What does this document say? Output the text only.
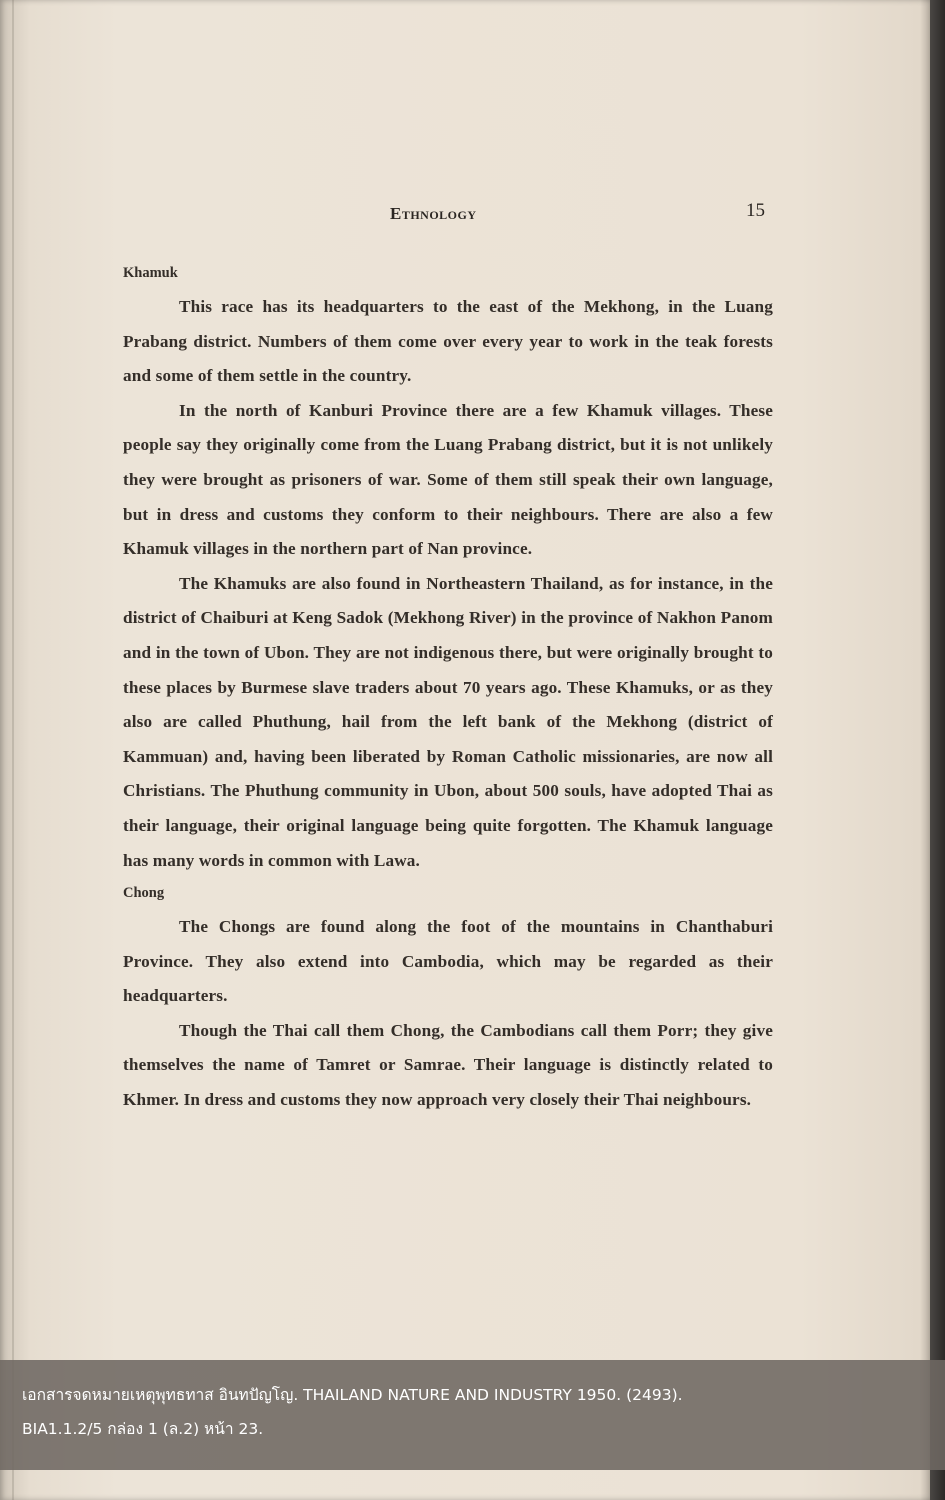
Ethnology	15
Khamuk

This race has its headquarters to the east of the Mekhong, in the Luang Prabang district. Numbers of them come over every year to work in the teak forests and some of them settle in the country.

In the north of Kanburi Province there are a few Khamuk villages. These people say they originally come from the Luang Prabang district, but it is not unlikely they were brought as prisoners of war. Some of them still speak their own language, but in dress and customs they conform to their neighbours. There are also a few Khamuk villages in the northern part of Nan province.

The Khamuks are also found in Northeastern Thailand, as for instance, in the district of Chaiburi at Keng Sadok (Mekhong River) in the province of Nakhon Panom and in the town of Ubon. They are not indigenous there, but were originally brought to these places by Burmese slave traders about 70 years ago. These Khamuks, or as they also are called Phuthung, hail from the left bank of the Mekhong (district of Kammuan) and, having been liberated by Roman Catholic missionaries, are now all Christians. The Phuthung community in Ubon, about 500 souls, have adopted Thai as their language, their original language being quite forgotten. The Khamuk language has many words in common with Lawa.

Chong

The Chongs are found along the foot of the mountains in Chanthaburi Province. They also extend into Cambodia, which may be regarded as their headquarters.

Though the Thai call them Chong, the Cambodians call them Porr; they give themselves the name of Tamret or Samrae. Their language is distinctly related to Khmer. In dress and customs they now approach very closely their Thai neighbours.

เอกสารจดหมายเหตุพุทธทาส อินทปัญโญ. THAILAND NATURE AND INDUSTRY 1950. (2493).
BIA1.1.2/5 กล่อง 1 (ล.2) หน้า 23.
